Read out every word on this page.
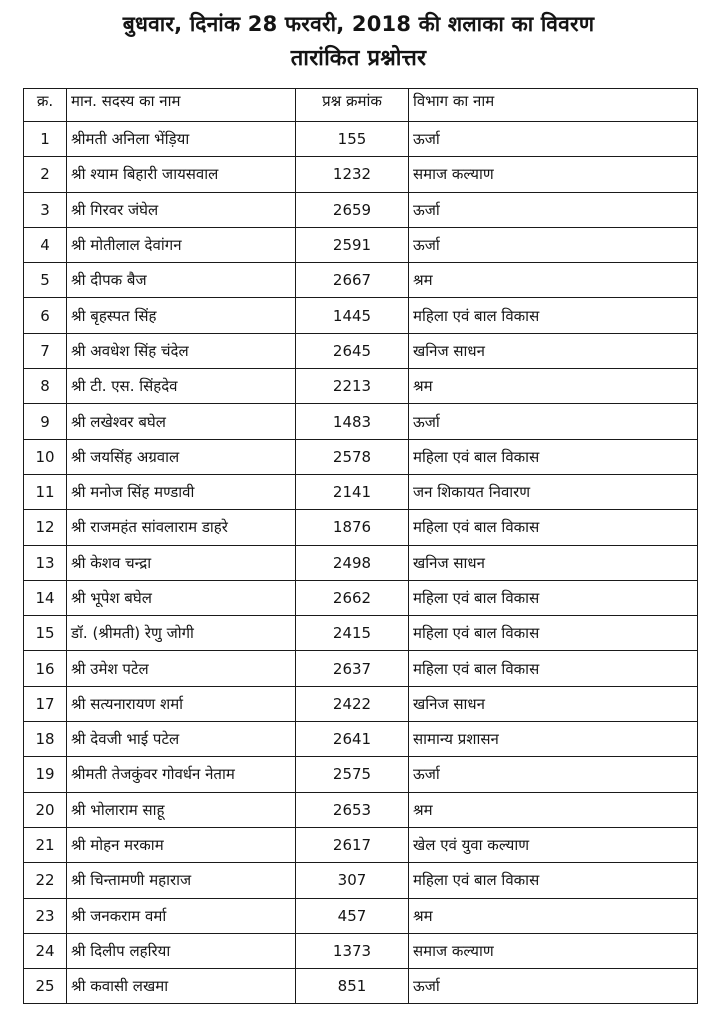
बुधवार, दिनांक 28 फरवरी, 2018 की शलाका का विवरण
तारांकित प्रश्नोत्तर
क्र.	मान. सदस्य का नाम	प्रश्न क्रमांक	विभाग का नाम
1	श्रीमती अनिला भेंड़िया	155	ऊर्जा
2	श्री श्याम बिहारी जायसवाल	1232	समाज कल्याण
3	श्री गिरवर जंघेल	2659	ऊर्जा
4	श्री मोतीलाल देवांगन	2591	ऊर्जा
5	श्री दीपक बैज	2667	श्रम
6	श्री बृहस्पत सिंह	1445	महिला एवं बाल विकास
7	श्री अवधेश सिंह चंदेल	2645	खनिज साधन
8	श्री टी. एस. सिंहदेव	2213	श्रम
9	श्री लखेश्वर बघेल	1483	ऊर्जा
10	श्री जयसिंह अग्रवाल	2578	महिला एवं बाल विकास
11	श्री मनोज सिंह मण्डावी	2141	जन शिकायत निवारण
12	श्री राजमहंत सांवलाराम डाहरे	1876	महिला एवं बाल विकास
13	श्री केशव चन्द्रा	2498	खनिज साधन
14	श्री भूपेश बघेल	2662	महिला एवं बाल विकास
15	डॉ. (श्रीमती) रेणु जोगी	2415	महिला एवं बाल विकास
16	श्री उमेश पटेल	2637	महिला एवं बाल विकास
17	श्री सत्यनारायण शर्मा	2422	खनिज साधन
18	श्री देवजी भाई पटेल	2641	सामान्य प्रशासन
19	श्रीमती तेजकुंवर गोवर्धन नेताम	2575	ऊर्जा
20	श्री भोलाराम साहू	2653	श्रम
21	श्री मोहन मरकाम	2617	खेल एवं युवा कल्याण
22	श्री चिन्तामणी महाराज	307	महिला एवं बाल विकास
23	श्री जनकराम वर्मा	457	श्रम
24	श्री दिलीप लहरिया	1373	समाज कल्याण
25	श्री कवासी लखमा	851	ऊर्जा
